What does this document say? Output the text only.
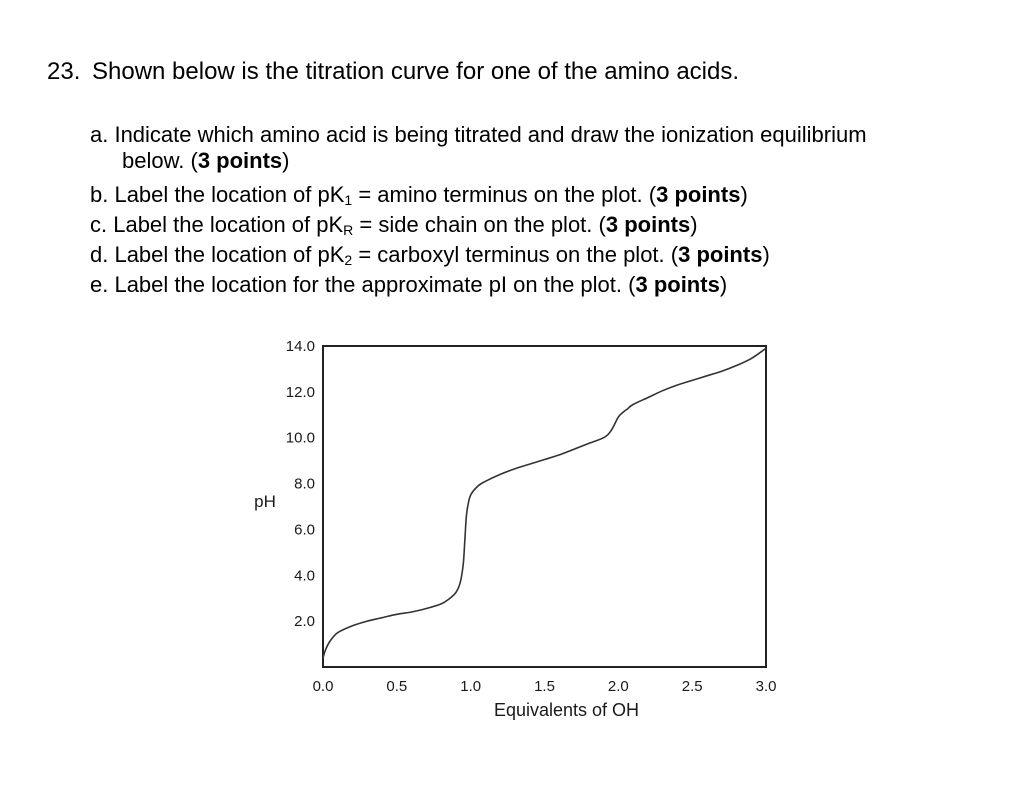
23. Shown below is the titration curve for one of the amino acids.
a. Indicate which amino acid is being titrated and draw the ionization equilibrium
below. (3 points)
b. Label the location of $pK_1 = amino$ terminus on the plot. (3 points)
c. Label the location of $pK_R$ = side chain on the plot. (3 points)
d. Label the location of $pK_2$ = carboxyl terminus on the plot. (3 points)
e. Label the location for the approximate pI on the plot. (3 points)
0.0	0.5	1.0	1.5	2.0	2.5	3.0
2.0
4.0
6.0
8.0
10.0
12.0
14.0
Equivalents of OH
pH
